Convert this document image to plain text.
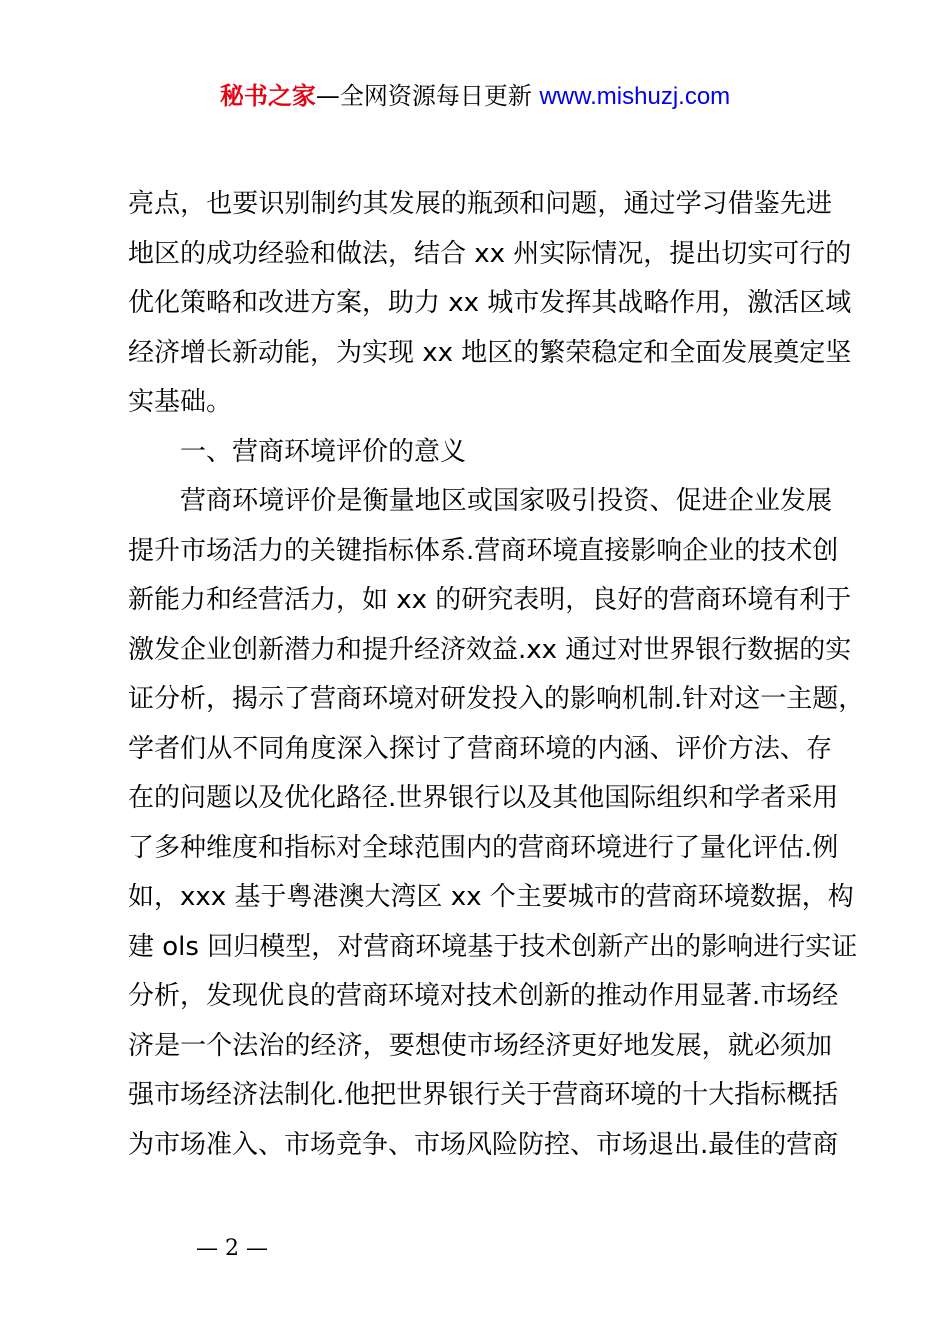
秘书之家—全网资源每日更新 www.mishuzj.com
亮点，也要识别制约其发展的瓶颈和问题，通过学习借鉴先进
地区的成功经验和做法，结合 xx 州实际情况，提出切实可行的
优化策略和改进方案，助力 xx 城市发挥其战略作用，激活区域
经济增长新动能，为实现 xx 地区的繁荣稳定和全面发展奠定坚
实基础。
一、营商环境评价的意义
营商环境评价是衡量地区或国家吸引投资、促进企业发展
提升市场活力的关键指标体系.营商环境直接影响企业的技术创
新能力和经营活力，如 xx 的研究表明，良好的营商环境有利于
激发企业创新潜力和提升经济效益.xx 通过对世界银行数据的实
证分析，揭示了营商环境对研发投入的影响机制.针对这一主题，
学者们从不同角度深入探讨了营商环境的内涵、评价方法、存
在的问题以及优化路径.世界银行以及其他国际组织和学者采用
了多种维度和指标对全球范围内的营商环境进行了量化评估.例
如，xxx 基于粤港澳大湾区 xx 个主要城市的营商环境数据，构
建 ols 回归模型，对营商环境基于技术创新产出的影响进行实证
分析，发现优良的营商环境对技术创新的推动作用显著.市场经
济是一个法治的经济，要想使市场经济更好地发展，就必须加
强市场经济法制化.他把世界银行关于营商环境的十大指标概括
为市场准入、市场竞争、市场风险防控、市场退出.最佳的营商
— 2 —
